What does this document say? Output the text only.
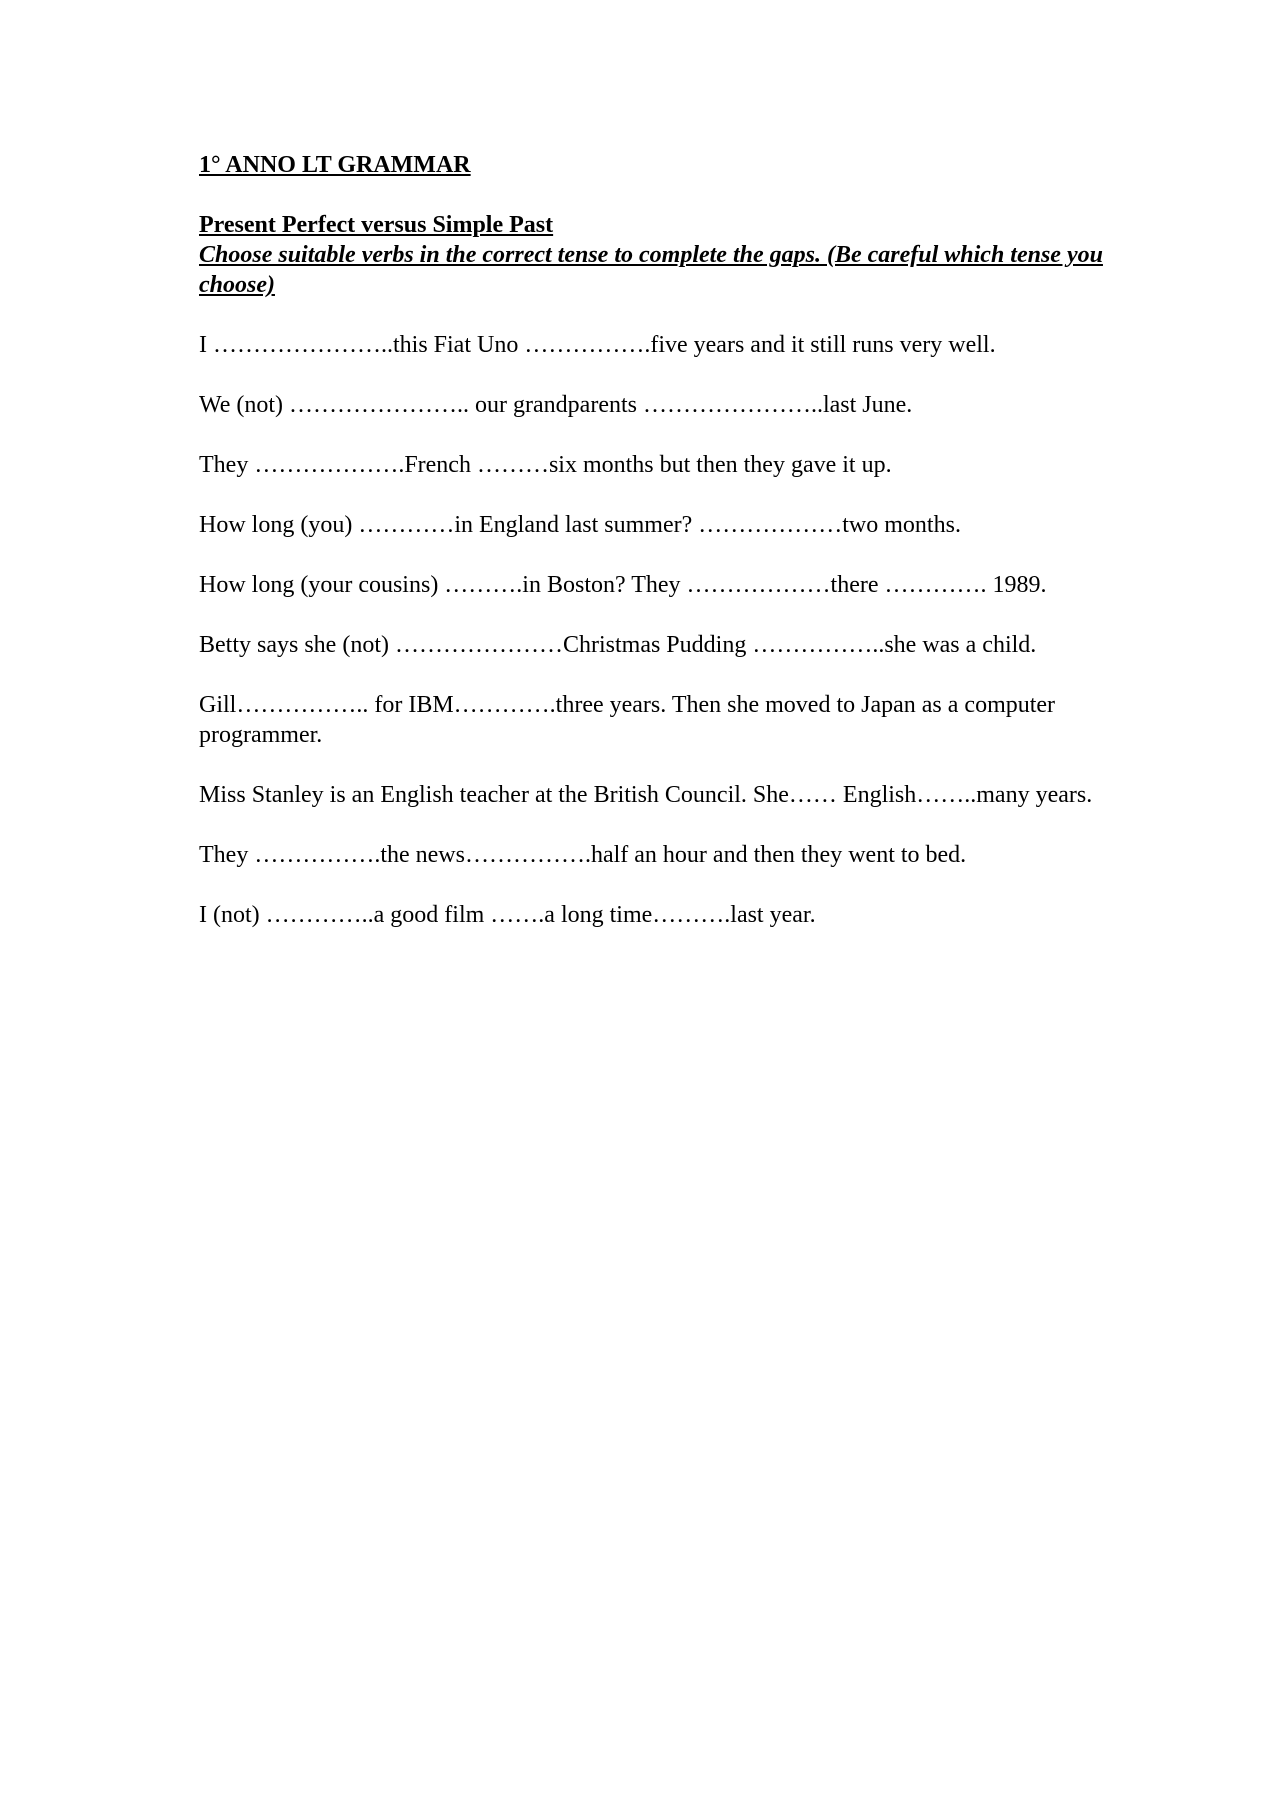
1° ANNO LT GRAMMAR
Present Perfect versus Simple Past

Choose suitable verbs in the correct tense to complete the gaps. (Be careful which tense you choose)

I …………………..this Fiat Uno …………….five years and it still runs very well.
We (not) ………………….. our grandparents …………………..last June.
They ……………….French ………six months but then they gave it up.
How long (you) …………in England last summer? ………………two months.
How long (your cousins) ……….in Boston? They ………………there …………. 1989.
Betty says she (not) …………………Christmas Pudding ……………..she was a child.
Gill…………….. for IBM………….three years. Then she moved to Japan as a computer programmer.
Miss Stanley is an English teacher at the British Council. She…… English……..many years.
They …………….the news…………….half an hour and then they went to bed.
I (not) …………..a good film …….a long time……….last year.
